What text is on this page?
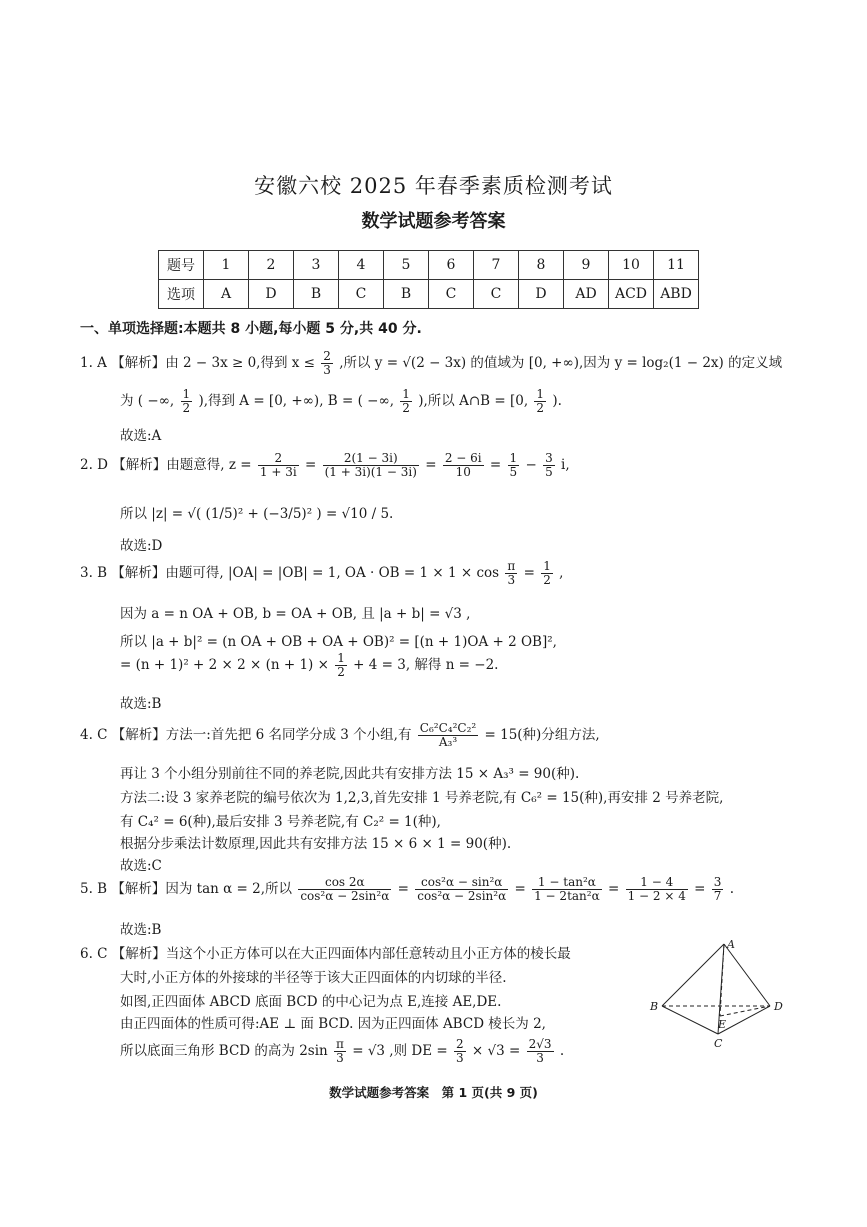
安徽六校 2025 年春季素质检测考试
数学试题参考答案
题号	1	2	3	4	5	6	7	8	9	10	11
选项	A	D	B	C	B	C	C	D	AD	ACD	ABD
一、单项选择题:本题共 8 小题,每小题 5 分,共 40 分.
1. A 【解析】由 2 − 3x ≥ 0,得到 $x \le \frac{2}{3}$ ,所以 y = √(2 − 3x) 的值域为 [0, +∞),因为 y = log₂(1 − 2x) 的定义域
为 ( −∞, $\frac{1}{2}$ ),得到 A = [0, +∞), B = ( −∞, $\frac{1}{2}$ ),所以 A∩B = [0, $\frac{1}{2}$ ).
故选:A
2. D 【解析】由题意得, $z = \frac{2}{1 + 3i} = \frac{2(1 - 3i)}{(1 + 3i)(1 - 3i)} = \frac{2 - 6i}{10} = \frac{1}{5} - \frac{3}{5} i$,
所以 |z| = √( (1/5)² + (−3/5)² ) = √10 / 5.
故选:D
3. B 【解析】由题可得, |OA| = |OB| = 1, OA · OB = $1 \times 1 \times \cos \frac{\pi}{3} = \frac{1}{2}$ ,
因为 a = n OA + OB, b = OA + OB, 且 |a + b| = √3 ,
所以 |a + b|² = (n OA + OB + OA + OB)² = [(n + 1)OA + 2 OB]²,
= $(n + 1)^2 + 2 \times 2 \times (n + 1) \times \frac{1}{2} + 4 = 3$, 解得 n = −2.
故选:B
4. C 【解析】方法一:首先把 6 名同学分成 3 个小组,有 $\frac{\text{C₆²C₄²C₂²}}{\text{A₃³}} = 15$(种)分组方法,
再让 3 个小组分别前往不同的养老院,因此共有安排方法 15 × A₃³ = 90(种).
方法二:设 3 家养老院的编号依次为 1,2,3,首先安排 1 号养老院,有 C₆² = 15(种),再安排 2 号养老院,
有 C₄² = 6(种),最后安排 3 号养老院,有 C₂² = 1(种),
根据分步乘法计数原理,因此共有安排方法 15 × 6 × 1 = 90(种).
故选:C
5. B 【解析】因为 tan α = 2,所以 $\frac{\cos 2\alpha}{\text{cos²α − 2sin²α}} = \frac{\text{cos²α − sin²α}}{\text{cos²α − 2sin²α}} = \frac{\text{1 − tan²α}}{\text{1 − 2tan²α}} = \frac{1 - 4}{1 - 2 \times 4} = \frac{3}{7}$ .
故选:B
6. C 【解析】当这个小正方体可以在大正四面体内部任意转动且小正方体的棱长最
大时,小正方体的外接球的半径等于该大正四面体的内切球的半径.
如图,正四面体 ABCD 底面 BCD 的中心记为点 E,连接 AE,DE.
由正四面体的性质可得:AE ⊥ 面 BCD. 因为正四面体 ABCD 棱长为 2,
所以底面三角形 BCD 的高为 $2\sin \frac{\pi}{3} = √3$ ,则 DE = $\frac{2}{3} \times √3 = \frac{2√3}{3}$ .
A
B
C
D
E
数学试题参考答案　第 1 页(共 9 页)
